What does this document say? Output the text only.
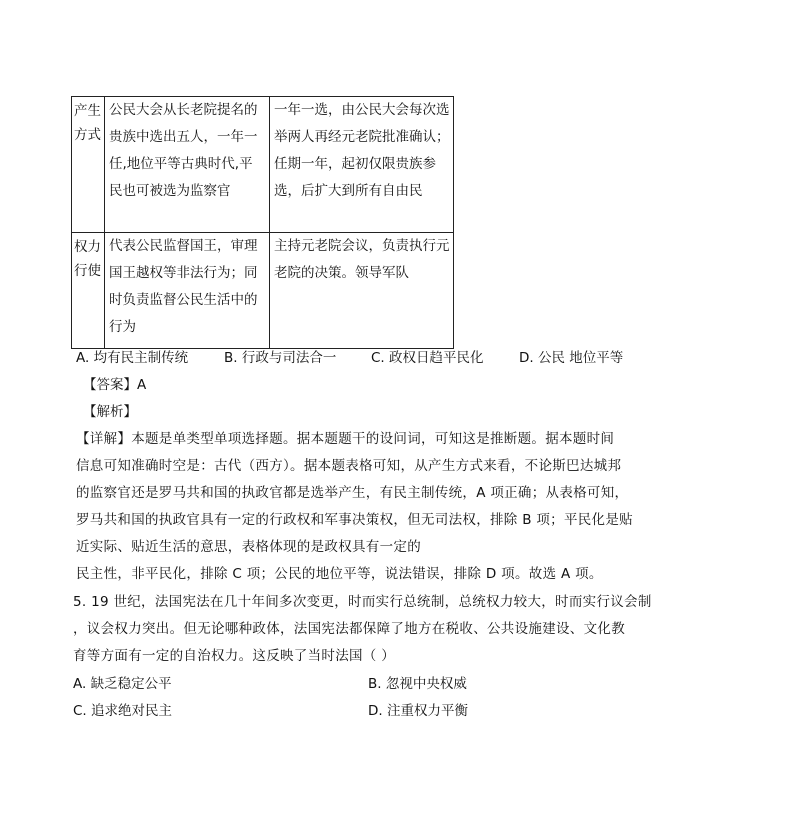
产生方式	公民大会从长老院提名的贵族中选出五人，一年一任,地位平等古典时代,平民也可被选为监察官	一年一选，由公民大会每次选举两人再经元老院批准确认；任期一年，起初仅限贵族参选，后扩大到所有自由民
权力行使	代表公民监督国王，审理国王越权等非法行为；同时负责监督公民生活中的行为	主持元老院会议，负责执行元老院的决策。领导军队
A. 均有民主制传统	B. 行政与司法合一	C. 政权日趋平民化	D. 公民 地位平等
【答案】A
【解析】
【详解】本题是单类型单项选择题。据本题题干的设问词，可知这是推断题。据本题时间
信息可知准确时空是：古代（西方）。据本题表格可知，从产生方式来看，不论斯巴达城邦
的监察官还是罗马共和国的执政官都是选举产生，有民主制传统，A 项正确；从表格可知，
罗马共和国的执政官具有一定的行政权和军事决策权，但无司法权，排除 B 项；平民化是贴
近实际、贴近生活的意思，表格体现的是政权具有一定的
民主性，非平民化，排除 C 项；公民的地位平等，说法错误，排除 D 项。故选 A 项。
5. 19 世纪，法国宪法在几十年间多次变更，时而实行总统制，总统权力较大，时而实行议会制
，议会权力突出。但无论哪种政体，法国宪法都保障了地方在税收、公共设施建设、文化教
育等方面有一定的自治权力。这反映了当时法国（ ）
A. 缺乏稳定公平	B. 忽视中央权威
C. 追求绝对民主	D. 注重权力平衡
